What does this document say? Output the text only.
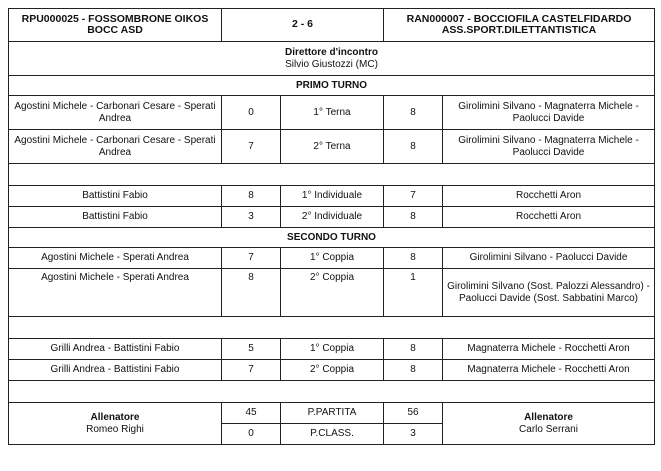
RPU000025 - FOSSOMBRONE OIKOS BOCC ASD	2 - 6		RAN000007 - BOCCIOFILA CASTELFIDARDO
ASS.SPORT.DILETTANTISTICA	

Direttore d'incontro
Silvio Giustozzi (MC)				

PRIMO TURNO				
Agostini Michele - Carbonari Cesare - Sperati Andrea	0	1° Terna	8	Girolimini Silvano - Magnaterra Michele - Paolucci Davide
Agostini Michele - Carbonari Cesare - Sperati Andrea	7	2° Terna	8	Girolimini Silvano - Magnaterra Michele - Paolucci Davide

Battistini Fabio	8	1° Individuale	7	Rocchetti Aron
Battistini Fabio	3	2° Individuale	8	Rocchetti Aron
SECONDO TURNO				
Agostini Michele - Sperati Andrea	7	1° Coppia	8	Girolimini Silvano - Paolucci Davide
Agostini Michele - Sperati Andrea	8	2° Coppia	1	Girolimini Silvano (Sost. Palozzi Alessandro) - Paolucci Davide (Sost. Sabbatini Marco)

Grilli Andrea - Battistini Fabio	5	1° Coppia	8	Magnaterra Michele - Rocchetti Aron
Grilli Andrea - Battistini Fabio	7	2° Coppia	8	Magnaterra Michele - Rocchetti Aron

Allenatore
Romeo Righi	45	P.PARTITA	56	Allenatore
Carlo Serrani

	0	P.CLASS.	3	
